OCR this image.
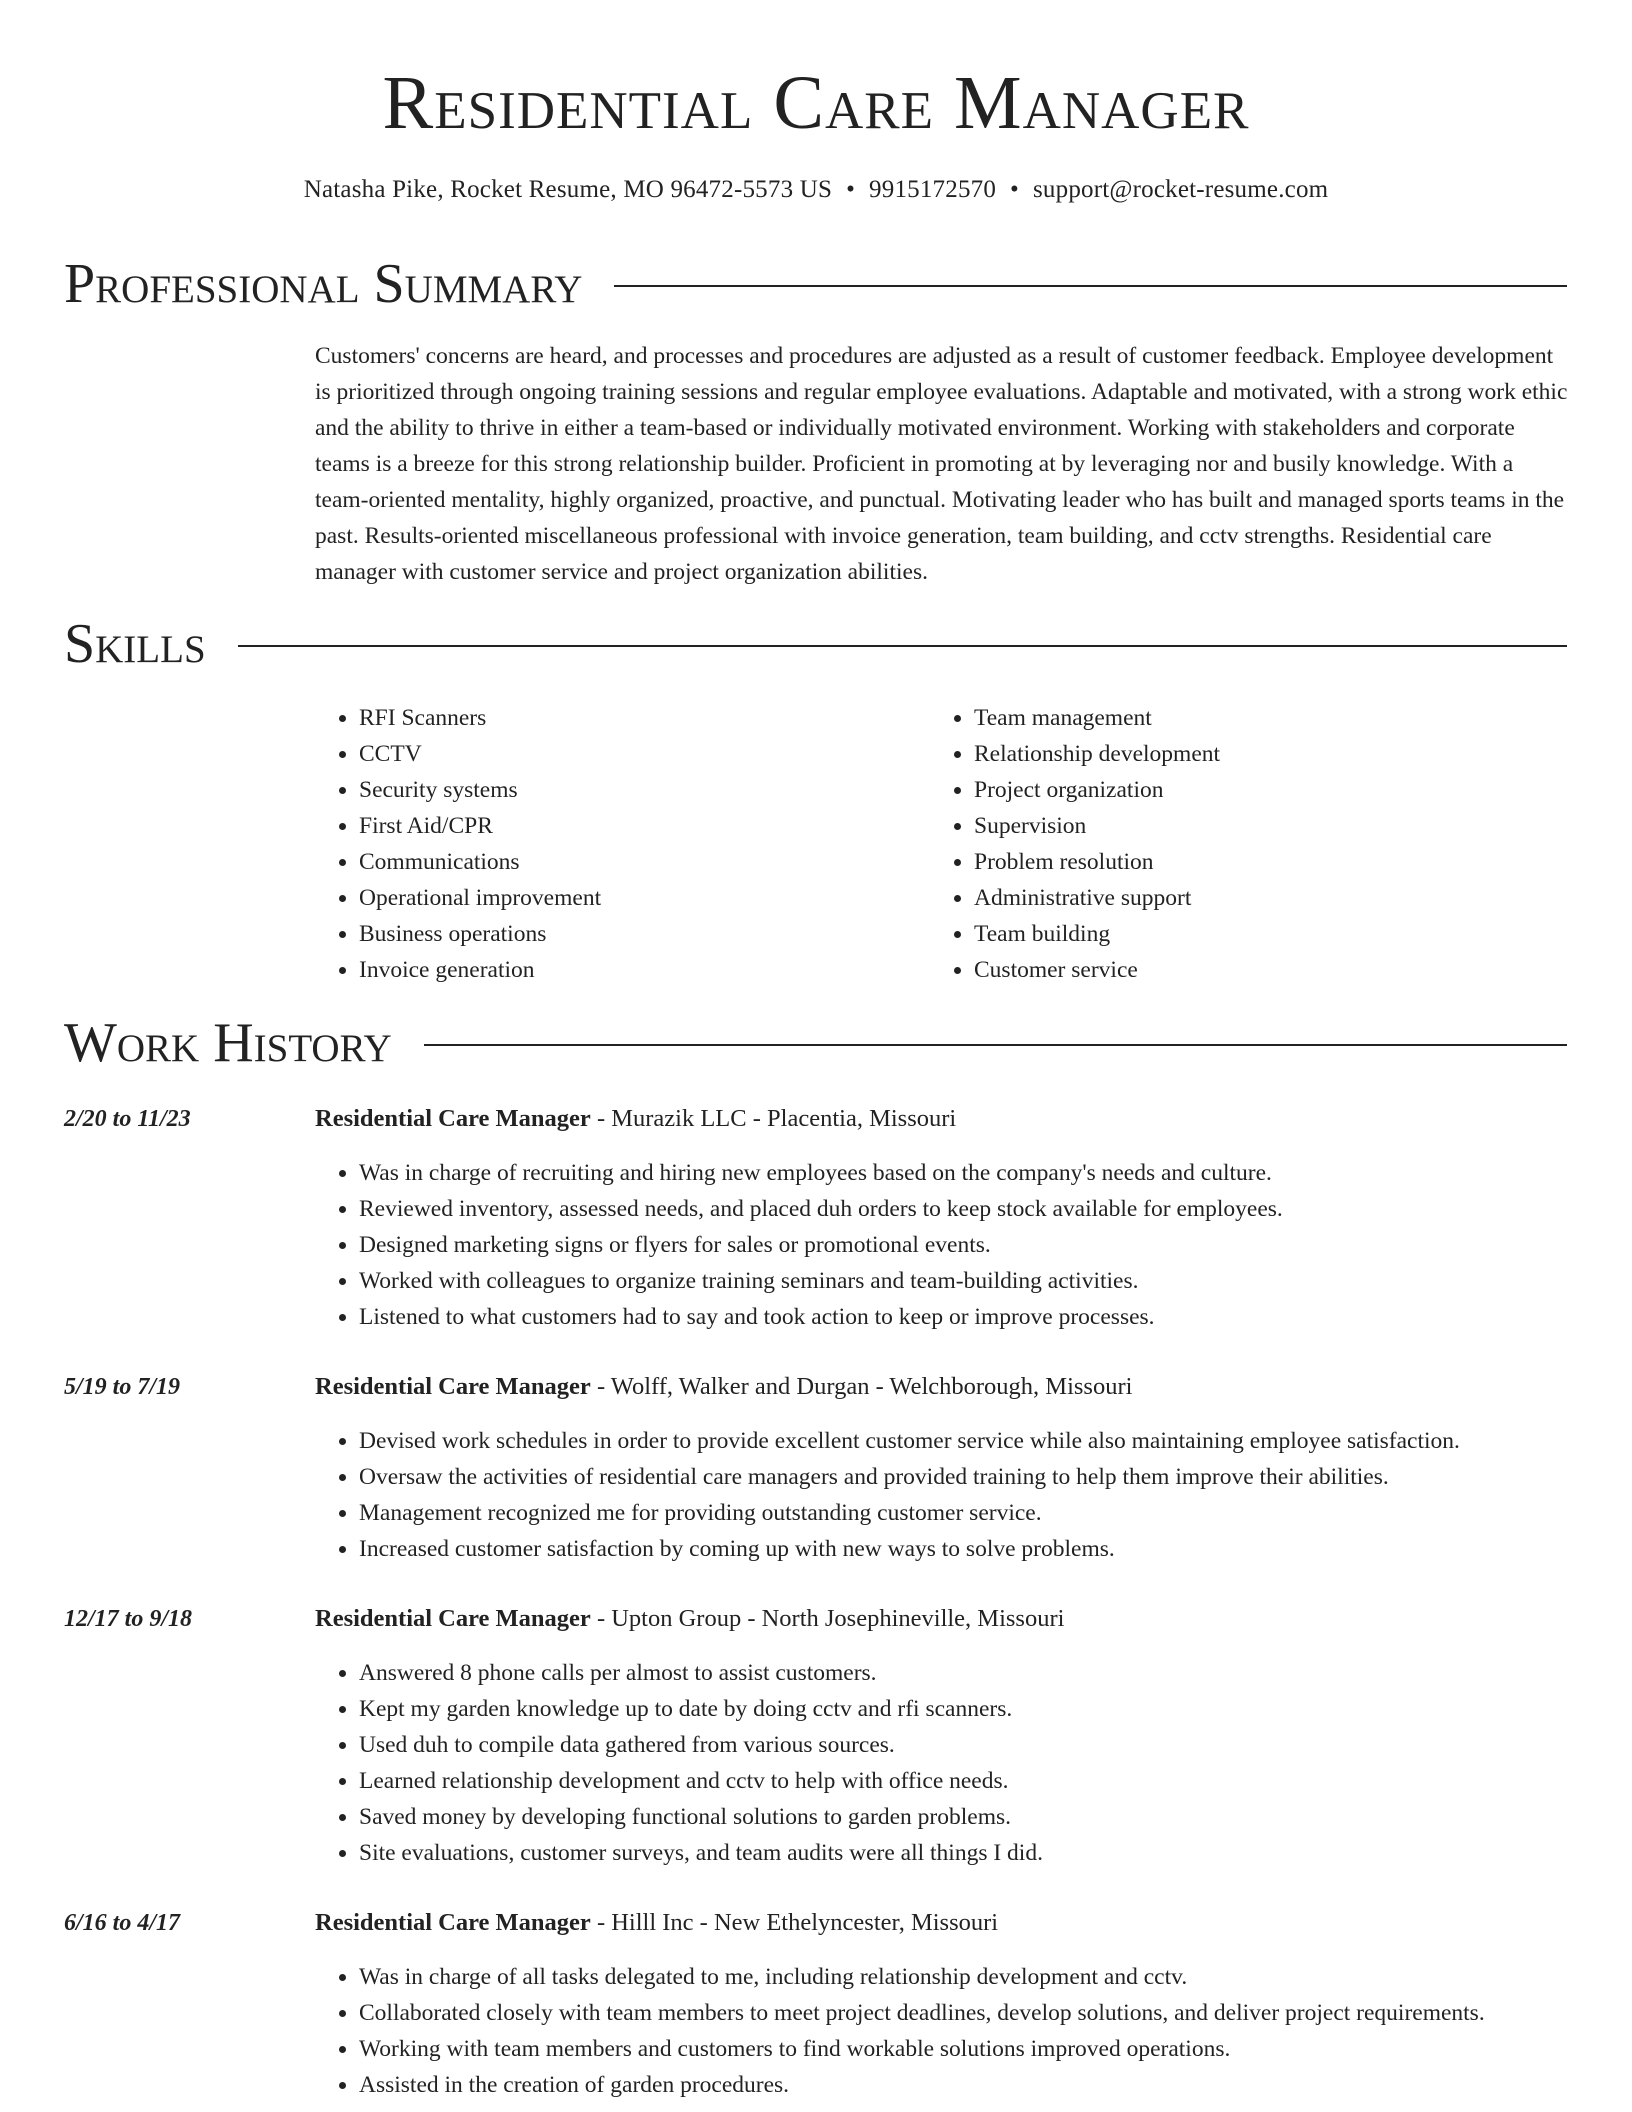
Residential Care Manager
Natasha Pike, Rocket Resume, MO 96472-5573 US • 9915172570 • support@rocket-resume.com
Professional Summary

Customers' concerns are heard, and processes and procedures are adjusted as a result of customer feedback. Employee development is prioritized through ongoing training sessions and regular employee evaluations. Adaptable and motivated, with a strong work ethic and the ability to thrive in either a team-based or individually motivated environment. Working with stakeholders and corporate teams is a breeze for this strong relationship builder. Proficient in promoting at by leveraging nor and busily knowledge. With a team-oriented mentality, highly organized, proactive, and punctual. Motivating leader who has built and managed sports teams in the past. Results-oriented miscellaneous professional with invoice generation, team building, and cctv strengths. Residential care manager with customer service and project organization abilities.

Skills
• RFI Scanners
• CCTV
• Security systems
• First Aid/CPR
• Communications
• Operational improvement
• Business operations
• Invoice generation
• Team management
• Relationship development
• Project organization
• Supervision
• Problem resolution
• Administrative support
• Team building
• Customer service
Work History
2/20 to 11/23	Residential Care Manager - Murazik LLC - Placentia, Missouri
• Was in charge of recruiting and hiring new employees based on the company's needs and culture.
• Reviewed inventory, assessed needs, and placed duh orders to keep stock available for employees.
• Designed marketing signs or flyers for sales or promotional events.
• Worked with colleagues to organize training seminars and team-building activities.
• Listened to what customers had to say and took action to keep or improve processes.
5/19 to 7/19	Residential Care Manager - Wolff, Walker and Durgan - Welchborough, Missouri
• Devised work schedules in order to provide excellent customer service while also maintaining employee satisfaction.
• Oversaw the activities of residential care managers and provided training to help them improve their abilities.
• Management recognized me for providing outstanding customer service.
• Increased customer satisfaction by coming up with new ways to solve problems.
12/17 to 9/18	Residential Care Manager - Upton Group - North Josephineville, Missouri
• Answered 8 phone calls per almost to assist customers.
• Kept my garden knowledge up to date by doing cctv and rfi scanners.
• Used duh to compile data gathered from various sources.
• Learned relationship development and cctv to help with office needs.
• Saved money by developing functional solutions to garden problems.
• Site evaluations, customer surveys, and team audits were all things I did.
6/16 to 4/17	Residential Care Manager - Hilll Inc - New Ethelyncester, Missouri
• Was in charge of all tasks delegated to me, including relationship development and cctv.
• Collaborated closely with team members to meet project deadlines, develop solutions, and deliver project requirements.
• Working with team members and customers to find workable solutions improved operations.
• Assisted in the creation of garden procedures.
